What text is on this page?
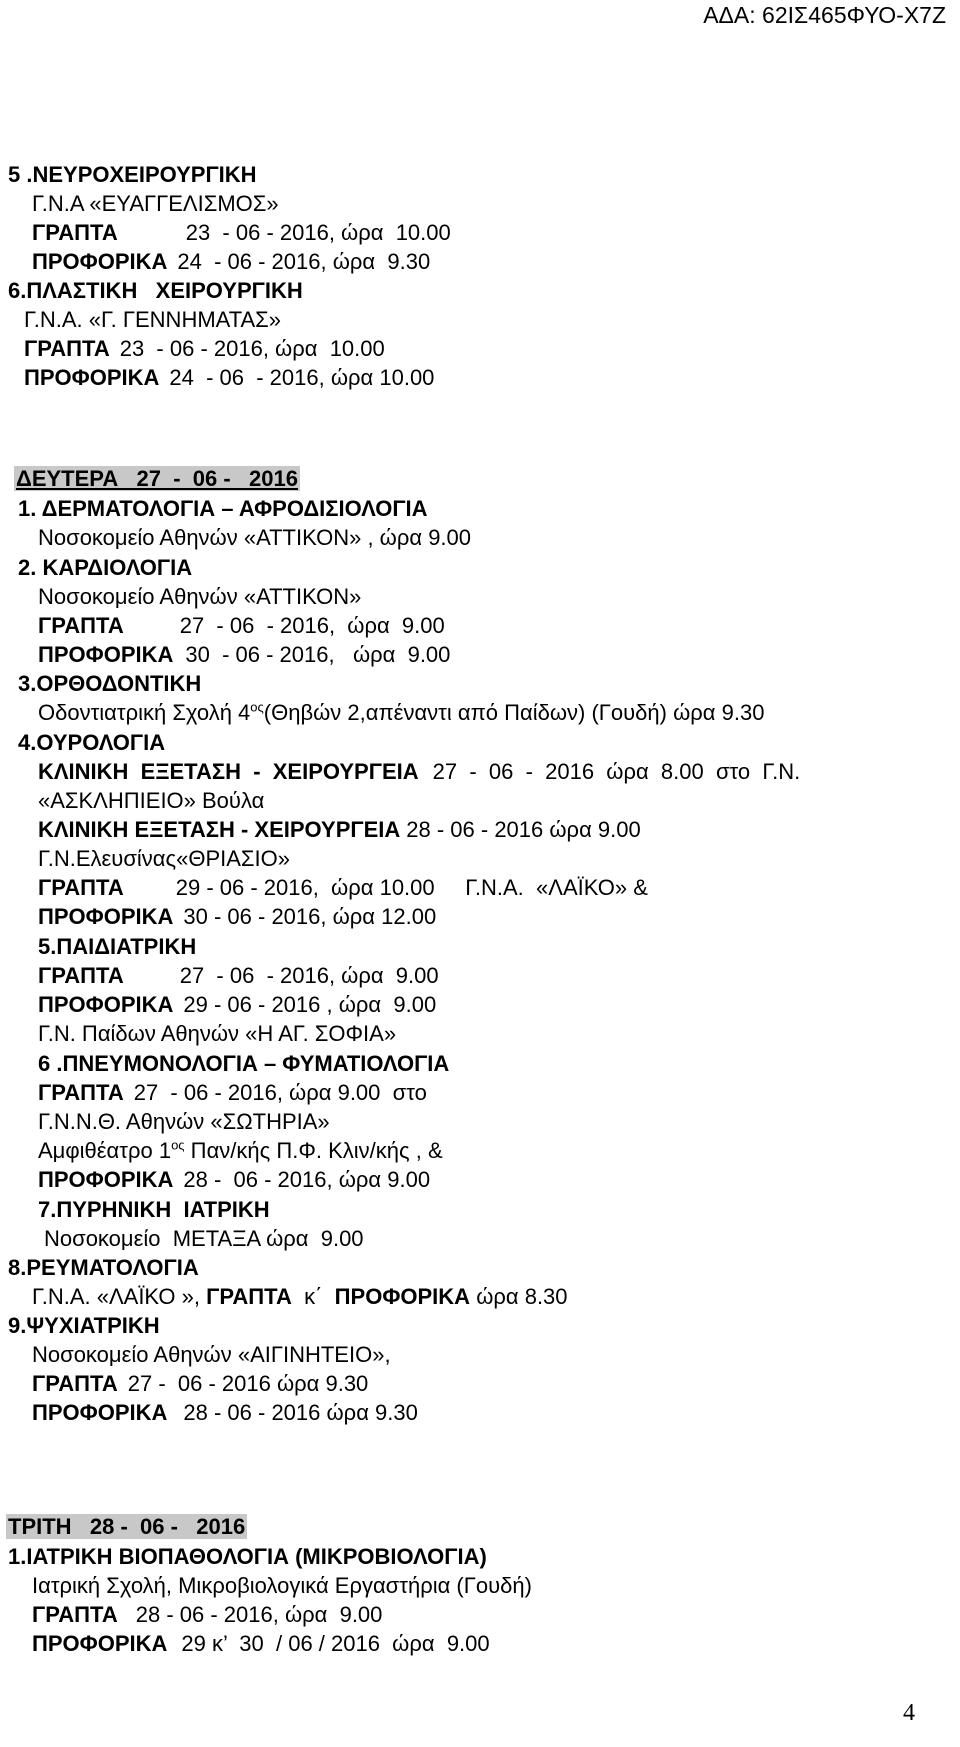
ΑΔΑ: 62ΙΣ465ΦΥΟ-Χ7Ζ
5 .ΝΕΥΡΟΧΕΙΡΟΥΡΓΙΚΗ
Γ.Ν.Α «ΕΥΑΓΓΕΛΙΣΜΟΣ»
ΓΡΑΠΤΑ	23  - 06 - 2016, ώρα  10.00
ΠΡΟΦΟΡΙΚΑ 24  - 06 - 2016, ώρα  9.30
6.ΠΛΑΣΤΙΚΗ   ΧΕΙΡΟΥΡΓΙΚΗ
Γ.Ν.Α. «Γ. ΓΕΝΝΗΜΑΤΑΣ»
ΓΡΑΠΤΑ 23  - 06 - 2016, ώρα  10.00
ΠΡΟΦΟΡΙΚΑ 24  - 06  - 2016, ώρα 10.00
ΔΕΥΤΕΡΑ   27  -  06 -   2016
1. ΔΕΡΜΑΤΟΛΟΓΙΑ – ΑΦΡΟΔΙΣΙΟΛΟΓΙΑ
Νοσοκομείο Αθηνών «ΑΤΤΙΚΟΝ» , ώρα 9.00
2. ΚΑΡΔΙΟΛΟΓΙΑ
Νοσοκομείο Αθηνών «ΑΤΤΙΚΟΝ»
ΓΡΑΠΤΑ	27  - 06  - 2016,  ώρα  9.00
ΠΡΟΦΟΡΙΚΑ 30  - 06 - 2016,   ώρα  9.00
3.ΟΡΘΟΔΟΝΤΙΚΗ
Οδοντιατρική Σχολή $4^{o\varsigma}(\Theta\eta\beta ώ\nu$ 2,απέναντι από Παίδων) (Γουδή) ώρα 9.30
4.ΟΥΡΟΛΟΓΙΑ
ΚΛΙΝΙΚΗ  ΕΞΕΤΑΣΗ  -  ΧΕΙΡΟΥΡΓΕΙΑ 27  -  06  -  2016  ώρα  8.00  στο  Γ.Ν.
«ΑΣΚΛΗΠΙΕΙΟ» Βούλα
ΚΛΙΝΙΚΗ ΕΞΕΤΑΣΗ - ΧΕΙΡΟΥΡΓΕΙΑ 28 - 06 - 2016 ώρα 9.00
Γ.Ν.Ελευσίνας«ΘΡΙΑΣΙΟ»
ΓΡΑΠΤΑ 29 - 06 - 2016,  ώρα 10.00     Γ.Ν.Α.  «ΛΑΪΚΟ» &
ΠΡΟΦΟΡΙΚΑ 30 - 06 - 2016, ώρα 12.00
5.ΠΑΙΔΙΑΤΡΙΚΗ
ΓΡΑΠΤΑ	27  - 06  - 2016, ώρα  9.00
ΠΡΟΦΟΡΙΚΑ 29 - 06 - 2016 , ώρα  9.00
Γ.Ν. Παίδων Αθηνών «Η ΑΓ. ΣΟΦΙΑ»
6 .ΠΝΕΥΜΟΝΟΛΟΓΙΑ – ΦΥΜΑΤΙΟΛΟΓΙΑ
ΓΡΑΠΤΑ 27  - 06 - 2016, ώρα 9.00  στο
Γ.Ν.Ν.Θ. Αθηνών «ΣΩΤΗΡΙΑ»
Αμφιθέατρο $1^{o\varsigma}$ Παν/κής Π.Φ. Κλιν/κής , &
ΠΡΟΦΟΡΙΚΑ 28 -  06 - 2016, ώρα 9.00
7.ΠΥΡΗΝΙΚΗ  ΙΑΤΡΙΚΗ
Νοσοκομείο  ΜΕΤΑΞΑ ώρα  9.00
8.ΡΕΥΜΑΤΟΛΟΓΙΑ
Γ.Ν.Α. «ΛΑΪΚΟ », ΓΡΑΠΤΑ κ΄ ΠΡΟΦΟΡΙΚΑ ώρα 8.30
9.ΨΥΧΙΑΤΡΙΚΗ
Νοσοκομείο Αθηνών «ΑΙΓΙΝΗΤΕΙΟ»,
ΓΡΑΠΤΑ 27 -  06 - 2016 ώρα 9.30
ΠΡΟΦΟΡΙΚΑ 28 - 06 - 2016 ώρα 9.30
ΤΡΙΤΗ   28 -  06 -   2016
1.ΙΑΤΡΙΚΗ ΒΙΟΠΑΘΟΛΟΓΙΑ (ΜΙΚΡΟΒΙΟΛΟΓΙΑ)
Ιατρική Σχολή, Μικροβιολογικά Εργαστήρια (Γουδή)
ΓΡΑΠΤΑ 28 - 06 - 2016, ώρα  9.00
ΠΡΟΦΟΡΙΚΑ 29 κ’  30  / 06 / 2016  ώρα  9.00
4
